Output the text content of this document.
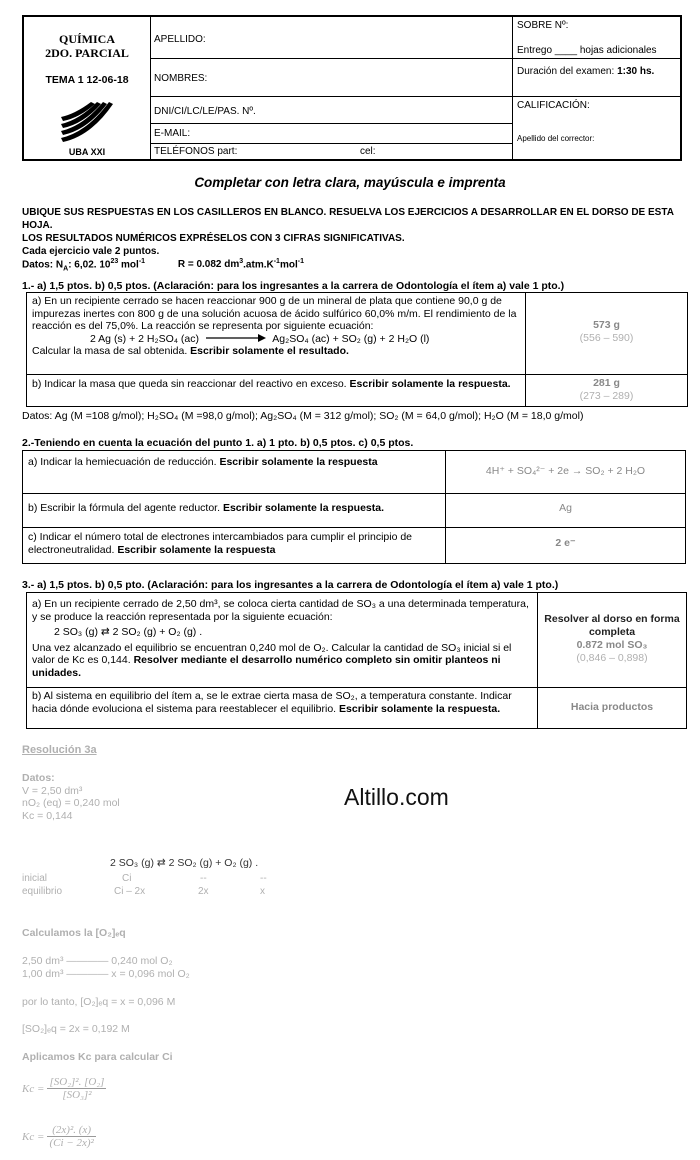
QUÍMICA
2DO. PARCIAL
TEMA 1 12-06-18
UBA XXI
APELLIDO:
NOMBRES:
DNI/CI/LC/LE/PAS. Nº.
E-MAIL:
TELÉFONOS part:	cel:
SOBRE Nº:
Entrego ____ hojas adicionales
Duración del examen: 1:30 hs.
CALIFICACIÓN:
Apellido del corrector:
Completar con letra clara, mayúscula e imprenta
UBIQUE SUS RESPUESTAS EN LOS CASILLEROS EN BLANCO. RESUELVA LOS EJERCICIOS A DESARROLLAR EN EL DORSO DE ESTA HOJA.
LOS RESULTADOS NUMÉRICOS EXPRÉSELOS CON 3 CIFRAS SIGNIFICATIVAS.
Cada ejercicio vale 2 puntos.
Datos: $N_A$: 6,02. $10^{23}$ mol$^{-1}$	R = 0.082 $dm^3.atm.K^{-1}mol^{-1}$
1.- a) 1,5 ptos. b) 0,5 ptos. (Aclaración: para los ingresantes a la carrera de Odontología el ítem a) vale 1 pto.)
a) En un recipiente cerrado se hacen reaccionar 900 g de un mineral de plata que contiene 90,0 g de impurezas inertes con 800 g de una solución acuosa de ácido sulfúrico 60,0% m/m. El rendimiento de la reacción es del 75,0%. La reacción se representa por siguiente ecuación:
2 Ag (s) + 2 H₂SO₄ (ac)	Ag₂SO₄ (ac) + SO₂ (g) + 2 H₂O (l)
Calcular la masa de sal obtenida. Escribir solamente el resultado.
573 g
(556 – 590)
b) Indicar la masa que queda sin reaccionar del reactivo en exceso. Escribir solamente la respuesta.	281 g
(273 – 289)
Datos: Ag (M =108 g/mol); H₂SO₄ (M =98,0 g/mol); Ag₂SO₄ (M = 312 g/mol); SO₂ (M = 64,0 g/mol); H₂O (M = 18,0 g/mol)
2.-Teniendo en cuenta la ecuación del punto 1. a) 1 pto. b) 0,5 ptos. c) 0,5 ptos.
a) Indicar la hemiecuación de reducción. Escribir solamente la respuesta
4H⁺ + SO₄²⁻ + 2e → SO₂ + 2 H₂O
b) Escribir la fórmula del agente reductor. Escribir solamente la respuesta.	Ag
c) Indicar el número total de electrones intercambiados para cumplir el principio de electroneutralidad. Escribir solamente la respuesta
2 e⁻
3.- a) 1,5 ptos. b) 0,5 pto. (Aclaración: para los ingresantes a la carrera de Odontología el ítem a) vale 1 pto.)
a) En un recipiente cerrado de 2,50 dm³, se coloca cierta cantidad de SO₃ a una determinada temperatura, y se produce la reacción representada por la siguiente ecuación:
2 SO₃ (g) ⇄ 2 SO₂ (g) + O₂ (g) .
Una vez alcanzado el equilibrio se encuentran 0,240 mol de O₂. Calcular la cantidad de SO₃ inicial si el valor de Kc es 0,144. Resolver mediante el desarrollo numérico completo sin omitir planteos ni unidades.
Resolver al dorso en forma completa
0.872 mol SO₃
(0,846 – 0,898)
b) Al sistema en equilibrio del ítem a, se le extrae cierta masa de SO₂, a temperatura constante. Indicar hacia dónde evoluciona el sistema para reestablecer el equilibrio. Escribir solamente la respuesta.	Hacia productos
Resolución 3a
Datos:
V = 2,50 dm³
nO₂ (eq) = 0,240 mol
Kc = 0,144
Altillo.com
2 SO₃ (g) ⇄ 2 SO₂ (g) + O₂ (g) .
inicial	Ci	--	--
equilibrio	Ci – 2x	2x	x
Calculamos la [O₂]ₑq
2,50 dm³ ———— 0,240 mol O₂
1,00 dm³ ———— x = 0,096 mol O₂
por lo tanto, [O₂]ₑq = x = 0,096 M
[SO₂]ₑq = 2x = 0,192 M
Aplicamos Kc para calcular Ci
$Kc = \frac{\text{[SO₂]². [O₂]}}{\text{[SO₃]²}}$
$Kc = \frac{\text{(2x)². (x)}}{\text{(Ci − 2x)²}}$
